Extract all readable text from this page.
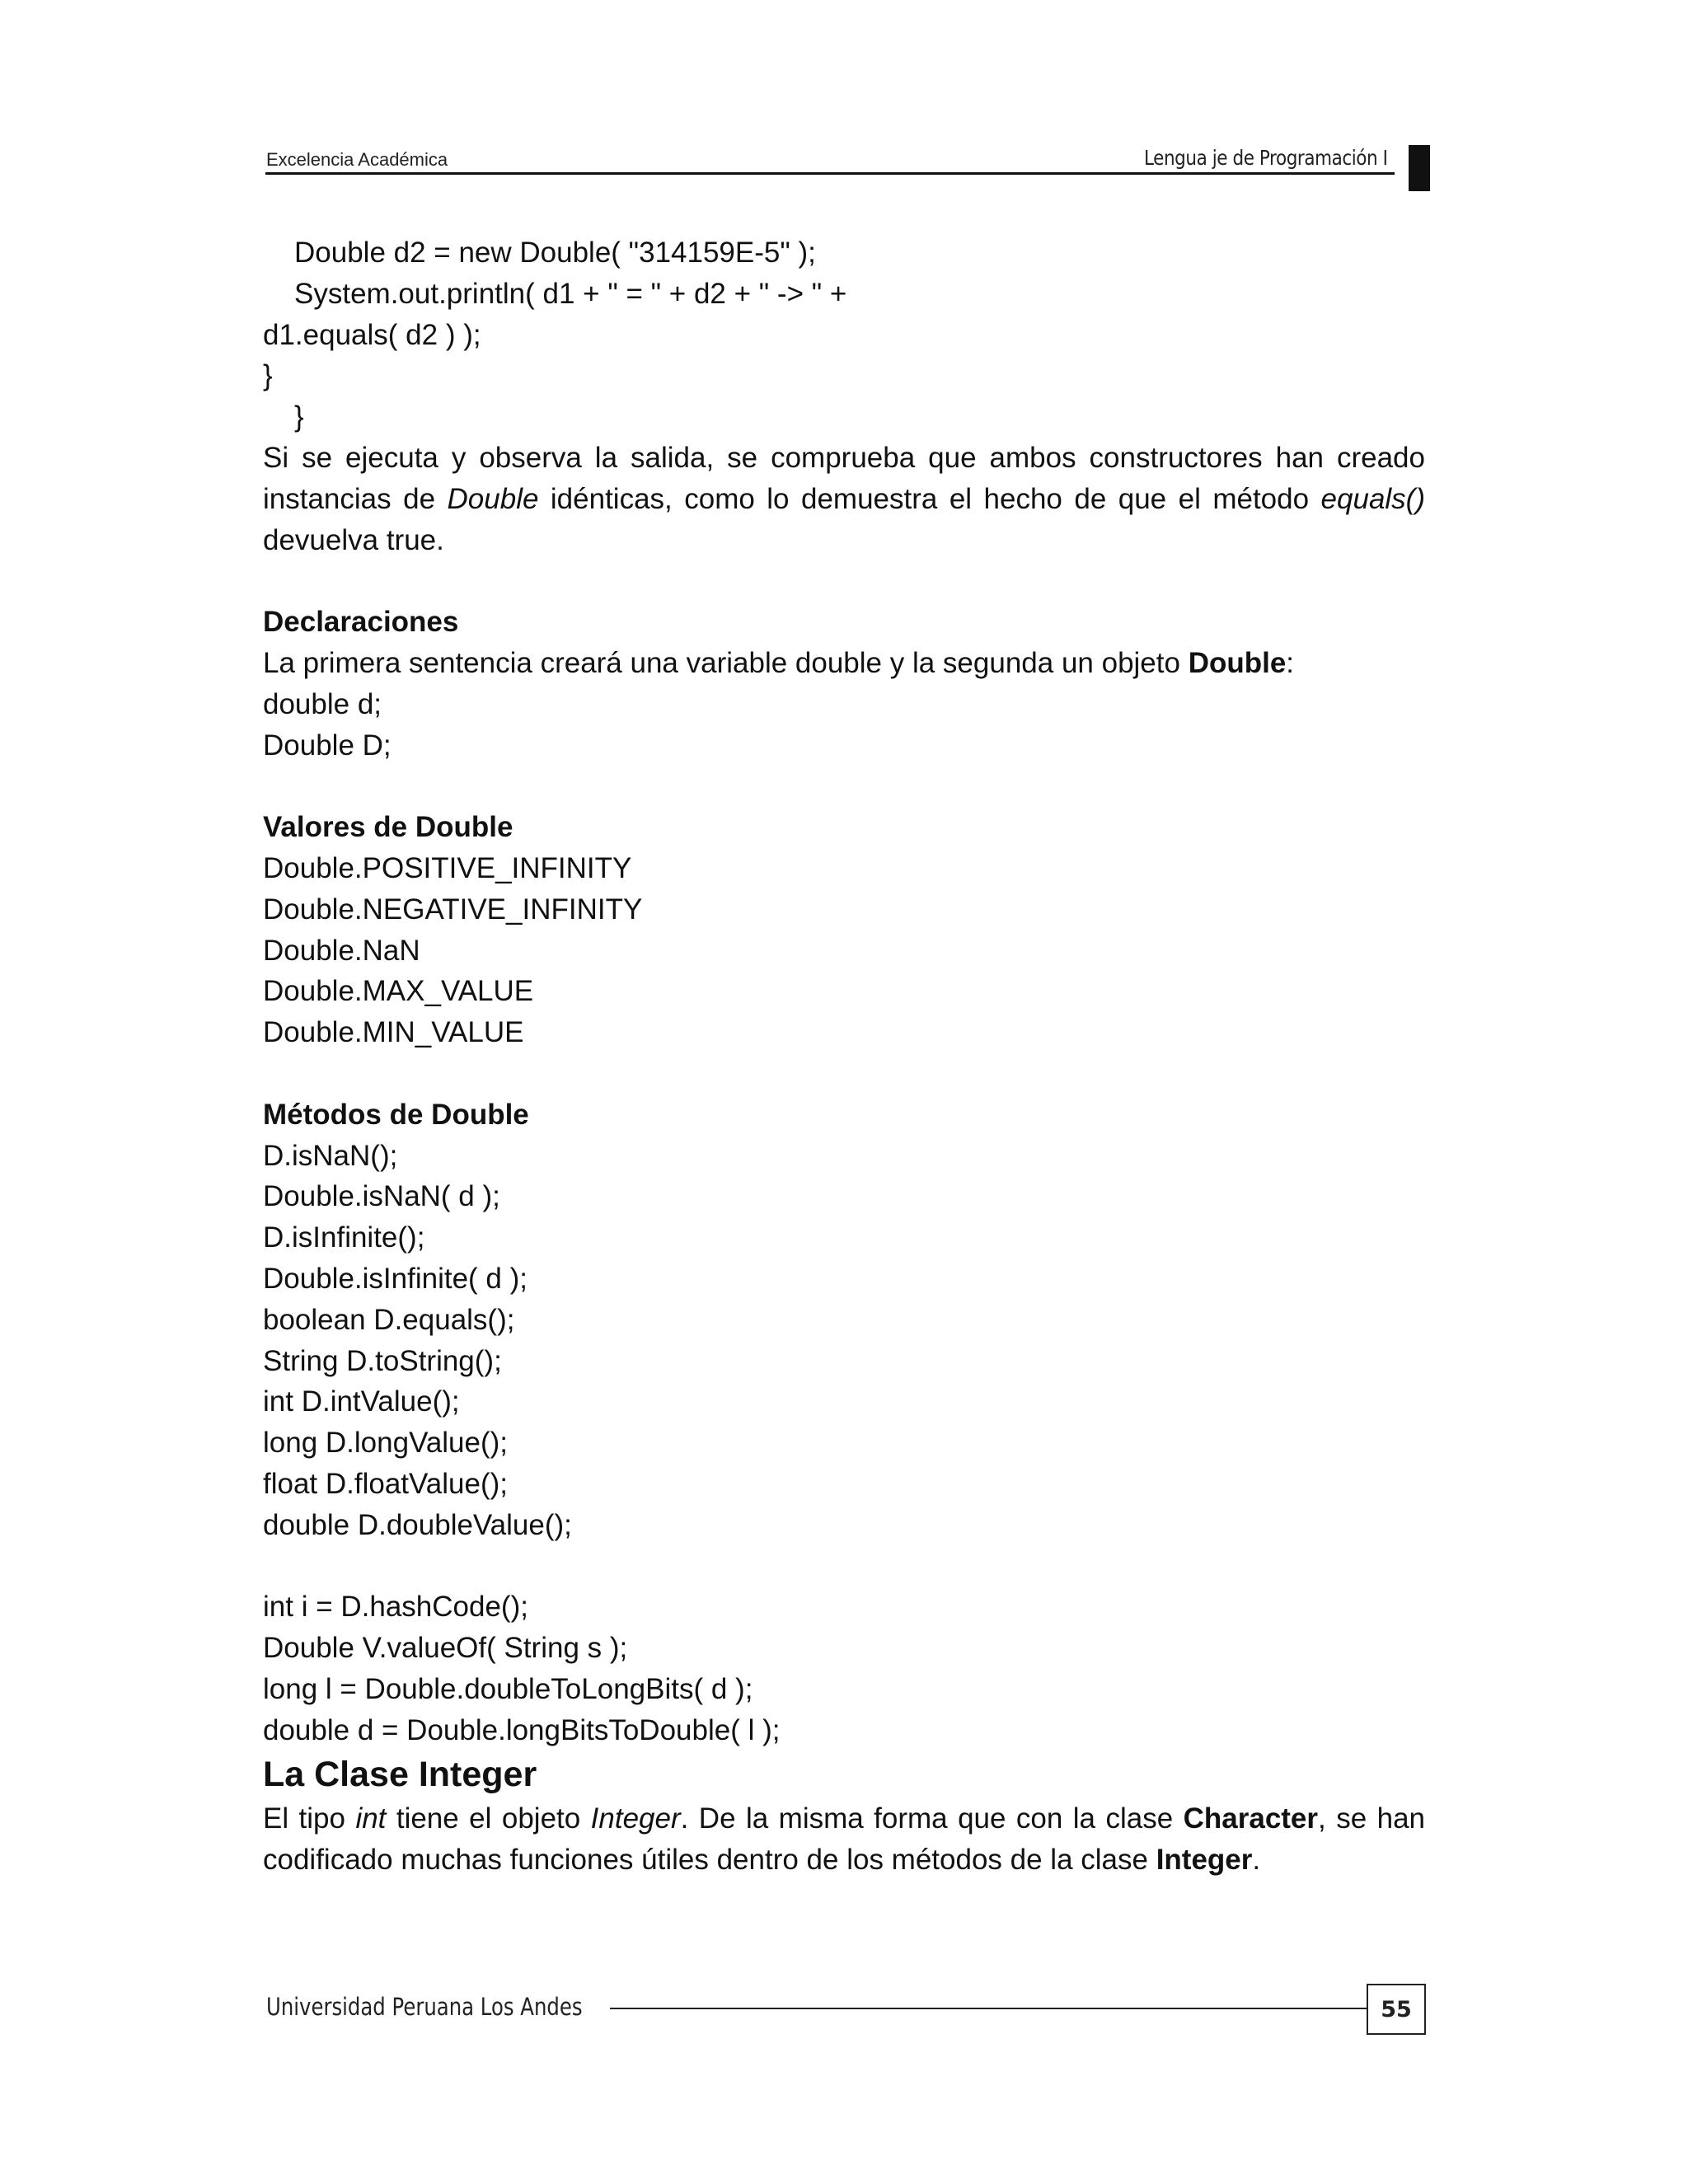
Excelencia Académica	Lengua je de Programación I

Double d2 = new Double( "314159E-5" );

System.out.println( d1 + " = " + d2 + " -> " +

d1.equals( d2 ) );

}

}

Si se ejecuta y observa la salida, se comprueba que ambos constructores han creado instancias de Double idénticas, como lo demuestra el hecho de que el método equals() devuelva true.

Declaraciones

La primera sentencia creará una variable double y la segunda un objeto Double:

double d;

Double D;

Valores de Double

Double.POSITIVE_INFINITY

Double.NEGATIVE_INFINITY

Double.NaN

Double.MAX_VALUE

Double.MIN_VALUE

Métodos de Double

D.isNaN();

Double.isNaN( d );

D.isInfinite();

Double.isInfinite( d );

boolean D.equals();

String D.toString();

int D.intValue();

long D.longValue();

float D.floatValue();

double D.doubleValue();

int i = D.hashCode();

Double V.valueOf( String s );

long l = Double.doubleToLongBits( d );

double d = Double.longBitsToDouble( l );

La Clase Integer

El tipo int tiene el objeto Integer. De la misma forma que con la clase Character, se han codificado muchas funciones útiles dentro de los métodos de la clase Integer.

Universidad Peruana Los Andes	55
